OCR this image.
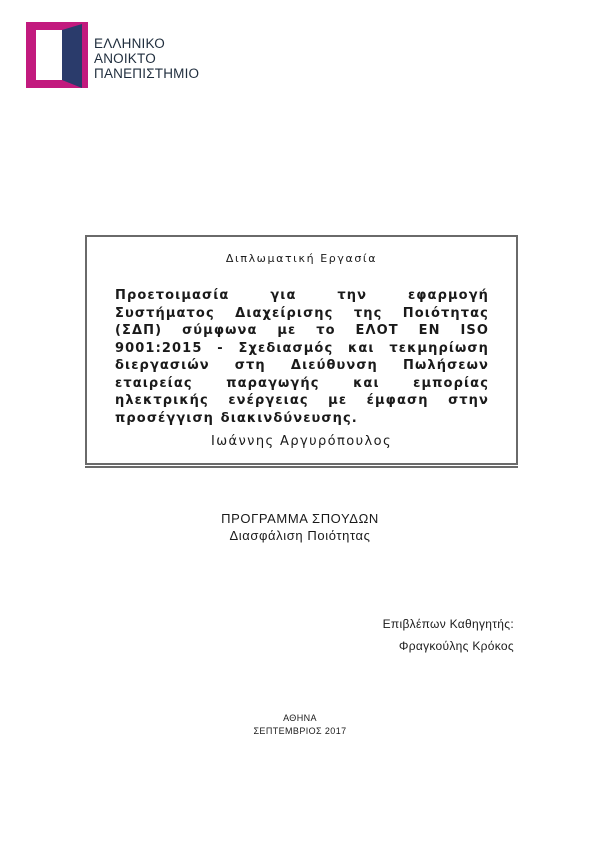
ΕΛΛΗΝΙΚΟ
ΑΝΟΙΚΤΟ
ΠΑΝΕΠΙΣΤΗΜΙΟ
Διπλωματική Εργασία
Προετοιμασία για την εφαρμογή Συστήματος Διαχείρισης της Ποιότητας (ΣΔΠ) σύμφωνα με το ΕΛΟΤ ΕΝ ISO 9001:2015 - Σχεδιασμός και τεκμηρίωση διεργασιών στη Διεύθυνση Πωλήσεων εταιρείας παραγωγής και εμπορίας ηλεκτρικής ενέργειας με έμφαση στην προσέγγιση διακινδύνευσης.
Ιωάννης Αργυρόπουλος
ΠΡΟΓΡΑΜΜΑ ΣΠΟΥΔΩΝ
Διασφάλιση Ποιότητας
Επιβλέπων Καθηγητής:
Φραγκούλης Κρόκος
ΑΘΗΝΑ
ΣΕΠΤΕΜΒΡΙΟΣ 2017
